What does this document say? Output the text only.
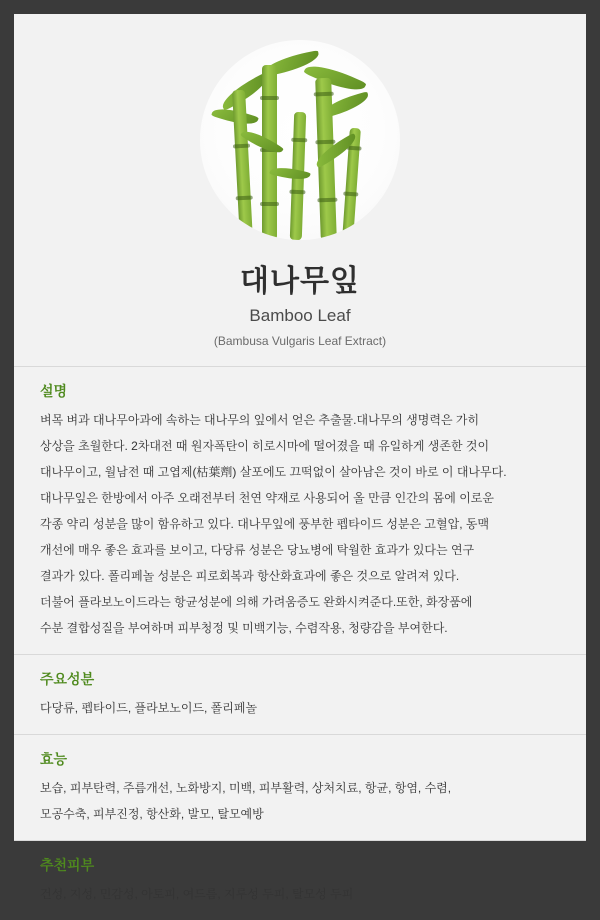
대나무잎
Bamboo Leaf
(Bambusa Vulgaris Leaf Extract)
설명

벼목 벼과 대나무아과에 속하는 대나무의 잎에서 얻은 추출물.대나무의 생명력은 가히

상상을 초월한다. 2차대전 때 원자폭탄이 히로시마에 떨어졌을 때 유일하게 생존한 것이

대나무이고, 월남전 때 고엽제(枯葉劑) 살포에도 끄떡없이 살아남은 것이 바로 이 대나무다.

대나무잎은 한방에서 아주 오래전부터 천연 약재로 사용되어 올 만큼 인간의 몸에 이로운

각종 약리 성분을 많이 함유하고 있다. 대나무잎에 풍부한 펩타이드 성분은 고혈압, 동맥

개선에 매우 좋은 효과를 보이고, 다당류 성분은 당뇨병에 탁월한 효과가 있다는 연구

결과가 있다. 폴리페놀 성분은 피로회복과 항산화효과에 좋은 것으로 알려져 있다.

더불어 플라보노이드라는 항균성분에 의해 가려움증도 완화시켜준다.또한, 화장품에

수분 결합성질을 부여하며 피부청정 및 미백기능, 수렴작용, 청량감을 부여한다.

주요성분

다당류, 펩타이드, 플라보노이드, 폴리페놀

효능

보습, 피부탄력, 주름개선, 노화방지, 미백, 피부활력, 상처치료, 항균, 항염, 수렴,

모공수축, 피부진정, 항산화, 발모, 탈모예방

추천피부

건성, 지성, 민감성, 아토피, 여드름, 지루성 두피, 탈모성 두피
